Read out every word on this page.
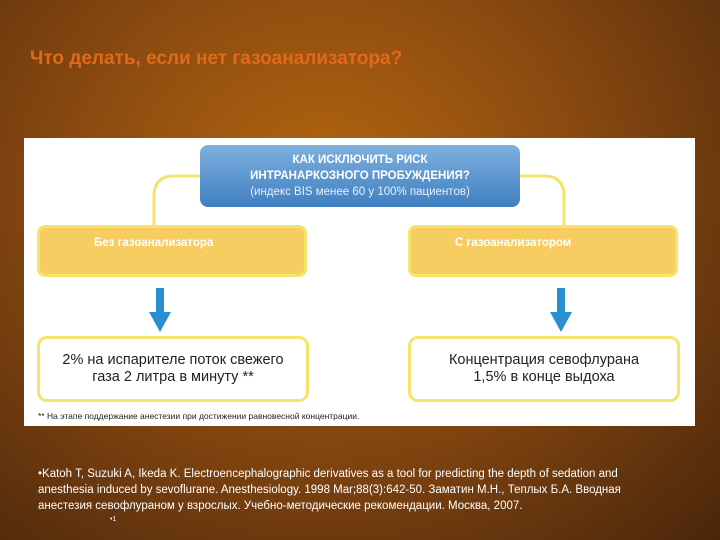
Что делать, если нет газоанализатора?
КАК ИСКЛЮЧИТЬ РИСК
ИНТРАНАРКОЗНОГО ПРОБУЖДЕНИЯ?
(индекс BIS менее 60 у 100% пациентов)
Без газоанализатора	С газоанализатором
2% на испарителе поток свежего
газа 2 литра в минуту **
Концентрация севофлурана
1,5% в конце выдоха
** На этапе поддержание анестезии при достижении равновесной концентрации.
•Katoh T, Suzuki A, Ikeda K. Electroencephalographic derivatives as a tool for predicting the depth of sedation and
anesthesia induced by sevoflurane. Anesthesiology. 1998 Mar;88(3):642-50. Заматин М.Н., Теплых Б.А. Вводная
анестезия севофлураном у взрослых. Учебно-методические рекомендации. Москва, 2007.
•1
